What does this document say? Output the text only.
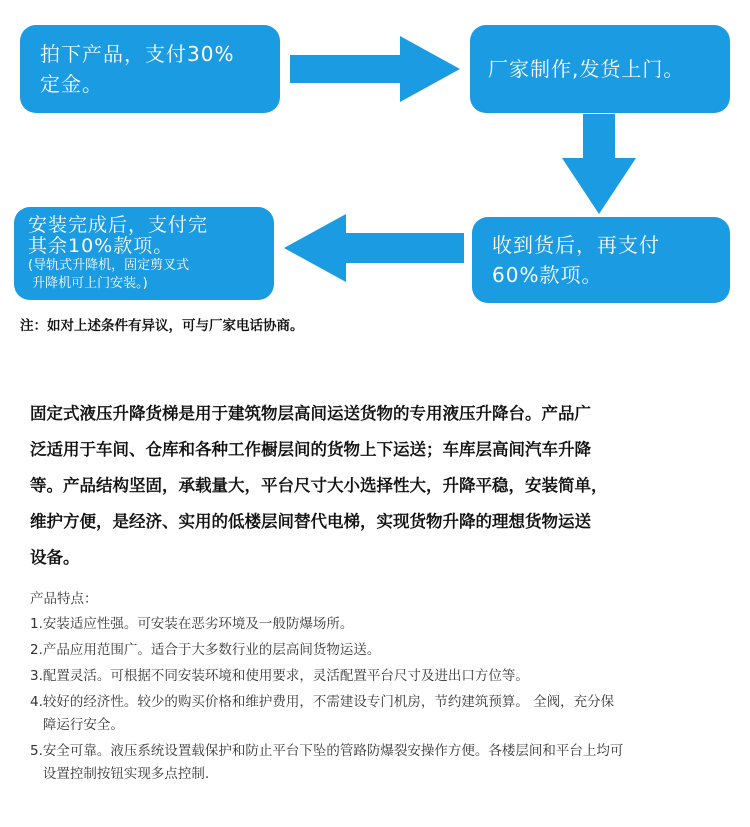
拍下产品，支付30%
定金。
厂家制作,发货上门。
收到货后，再支付
60%款项。
安装完成后，支付完
其余10%款项。
(导轨式升降机，固定剪叉式
升降机可上门安装。)
注：如对上述条件有异议，可与厂家电话协商。
固定式液压升降货梯是用于建筑物层高间运送货物的专用液压升降台。产品广
泛适用于车间、仓库和各种工作橱层间的货物上下运送；车库层高间汽车升降
等。产品结构坚固，承载量大，平台尺寸大小选择性大，升降平稳，安装简单，
维护方便，是经济、实用的低楼层间替代电梯，实现货物升降的理想货物运送
设备。
产品特点：
1.安装适应性强。可安装在恶劣环境及一般防爆场所。
2.产品应用范围广。适合于大多数行业的层高间货物运送。
3.配置灵活。可根据不同安装环境和使用要求，灵活配置平台尺寸及进出口方位等。
4.较好的经济性。较少的购买价格和维护费用，不需建设专门机房，节约建筑预算。 全阀，充分保
障运行安全。
5.安全可靠。液压系统设置载保护和防止平台下坠的管路防爆裂安操作方便。各楼层间和平台上均可
设置控制按钮实现多点控制.
